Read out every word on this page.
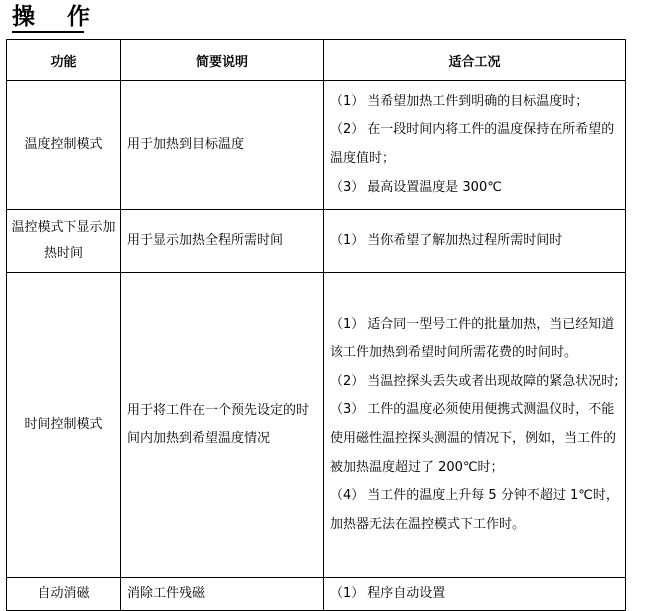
操 作
功能	简要说明	适合工况
温度控制模式	用于加热到目标温度	（1） 当希望加热工件到明确的目标温度时；
（2） 在一段时间内将工件的温度保持在所希望的温度值时；
（3） 最高设置温度是 300℃

温控模式下显示加热时间	用于显示加热全程所需时间	（1） 当你希望了解加热过程所需时间时

时间控制模式	用于将工件在一个预先设定的时间内加热到希望温度情况	（1） 适合同一型号工件的批量加热，当已经知道该工件加热到希望时间所需花费的时间时。
（2） 当温控探头丢失或者出现故障的紧急状况时;
（3） 工件的温度必须使用便携式测温仪时，不能使用磁性温控探头测温的情况下，例如，当工件的被加热温度超过了 200℃时；
（4） 当工件的温度上升每 5 分钟不超过 1℃时，加热器无法在温控模式下工作时。

自动消磁	消除工件残磁	（1） 程序自动设置
